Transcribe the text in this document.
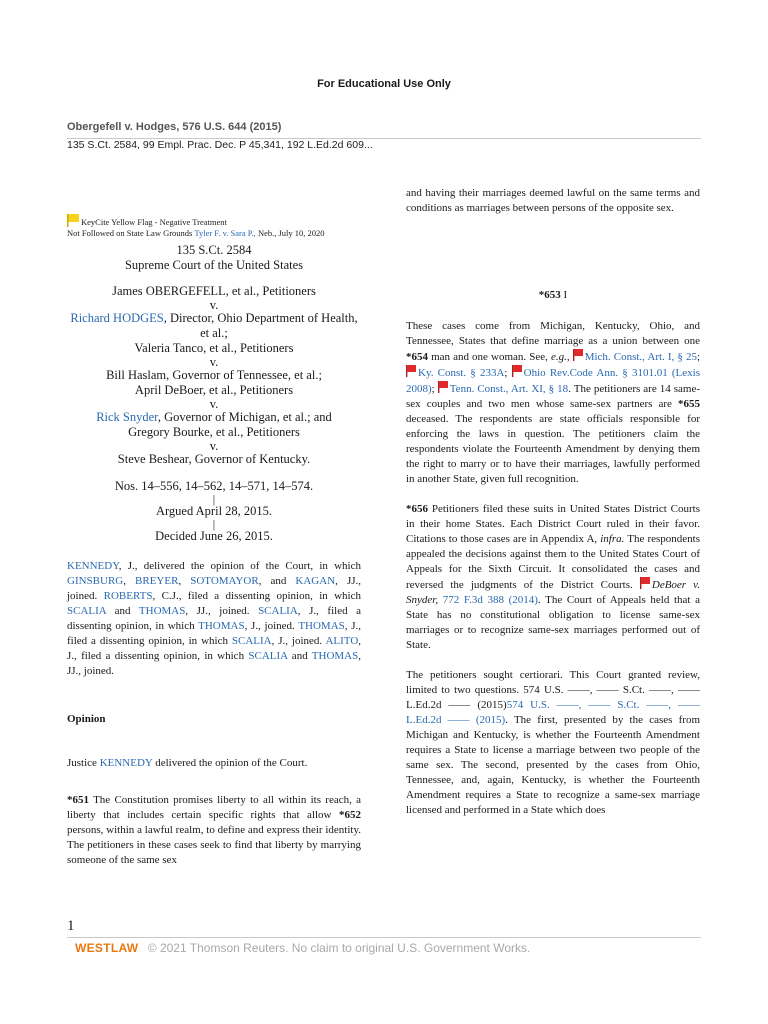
For Educational Use Only
Obergefell v. Hodges, 576 U.S. 644 (2015)
135 S.Ct. 2584, 99 Empl. Prac. Dec. P 45,341, 192 L.Ed.2d 609...
KeyCite Yellow Flag - Negative Treatment
Not Followed on State Law Grounds Tyler F. v. Sara P., Neb., July 10, 2020
135 S.Ct. 2584
Supreme Court of the United States
James OBERGEFELL, et al., Petitioners
v.
Richard HODGES, Director, Ohio Department of Health, et al.;
Valeria Tanco, et al., Petitioners
v.
Bill Haslam, Governor of Tennessee, et al.;
April DeBoer, et al., Petitioners
v.
Rick Snyder, Governor of Michigan, et al.; and
Gregory Bourke, et al., Petitioners
v.
Steve Beshear, Governor of Kentucky.
Nos. 14–556, 14–562, 14–571, 14–574.
|
Argued April 28, 2015.
|
Decided June 26, 2015.

KENNEDY, J., delivered the opinion of the Court, in which GINSBURG, BREYER, SOTOMAYOR, and KAGAN, JJ., joined. ROBERTS, C.J., filed a dissenting opinion, in which SCALIA and THOMAS, JJ., joined. SCALIA, J., filed a dissenting opinion, in which THOMAS, J., joined. THOMAS, J., filed a dissenting opinion, in which SCALIA, J., joined. ALITO, J., filed a dissenting opinion, in which SCALIA and THOMAS, JJ., joined.

Opinion

Justice KENNEDY delivered the opinion of the Court.

*651 The Constitution promises liberty to all within its reach, a liberty that includes certain specific rights that allow *652 persons, within a lawful realm, to define and express their identity. The petitioners in these cases seek to find that liberty by marrying someone of the same sex

and having their marriages deemed lawful on the same terms and conditions as marriages between persons of the opposite sex.

*653 I

These cases come from Michigan, Kentucky, Ohio, and Tennessee, States that define marriage as a union between one *654 man and one woman. See, e.g., Mich. Const., Art. I, § 25; Ky. Const. § 233A; Ohio Rev.Code Ann. § 3101.01 (Lexis 2008); Tenn. Const., Art. XI, § 18. The petitioners are 14 same-sex couples and two men whose same-sex partners are *655 deceased. The respondents are state officials responsible for enforcing the laws in question. The petitioners claim the respondents violate the Fourteenth Amendment by denying them the right to marry or to have their marriages, lawfully performed in another State, given full recognition.

*656 Petitioners filed these suits in United States District Courts in their home States. Each District Court ruled in their favor. Citations to those cases are in Appendix A, infra. The respondents appealed the decisions against them to the United States Court of Appeals for the Sixth Circuit. It consolidated the cases and reversed the judgments of the District Courts. DeBoer v. Snyder, 772 F.3d 388 (2014). The Court of Appeals held that a State has no constitutional obligation to license same-sex marriages or to recognize same-sex marriages performed out of State.

The petitioners sought certiorari. This Court granted review, limited to two questions. 574 U.S. ––––, –––– S.Ct. ––––, –––– L.Ed.2d –––– (2015)574 U.S. ––––, –––– S.Ct. ––––, –––– L.Ed.2d –––– (2015). The first, presented by the cases from Michigan and Kentucky, is whether the Fourteenth Amendment requires a State to license a marriage between two people of the same sex. The second, presented by the cases from Ohio, Tennessee, and, again, Kentucky, is whether the Fourteenth Amendment requires a State to recognize a same-sex marriage licensed and performed in a State which does

1
WESTLAW © 2021 Thomson Reuters. No claim to original U.S. Government Works.
